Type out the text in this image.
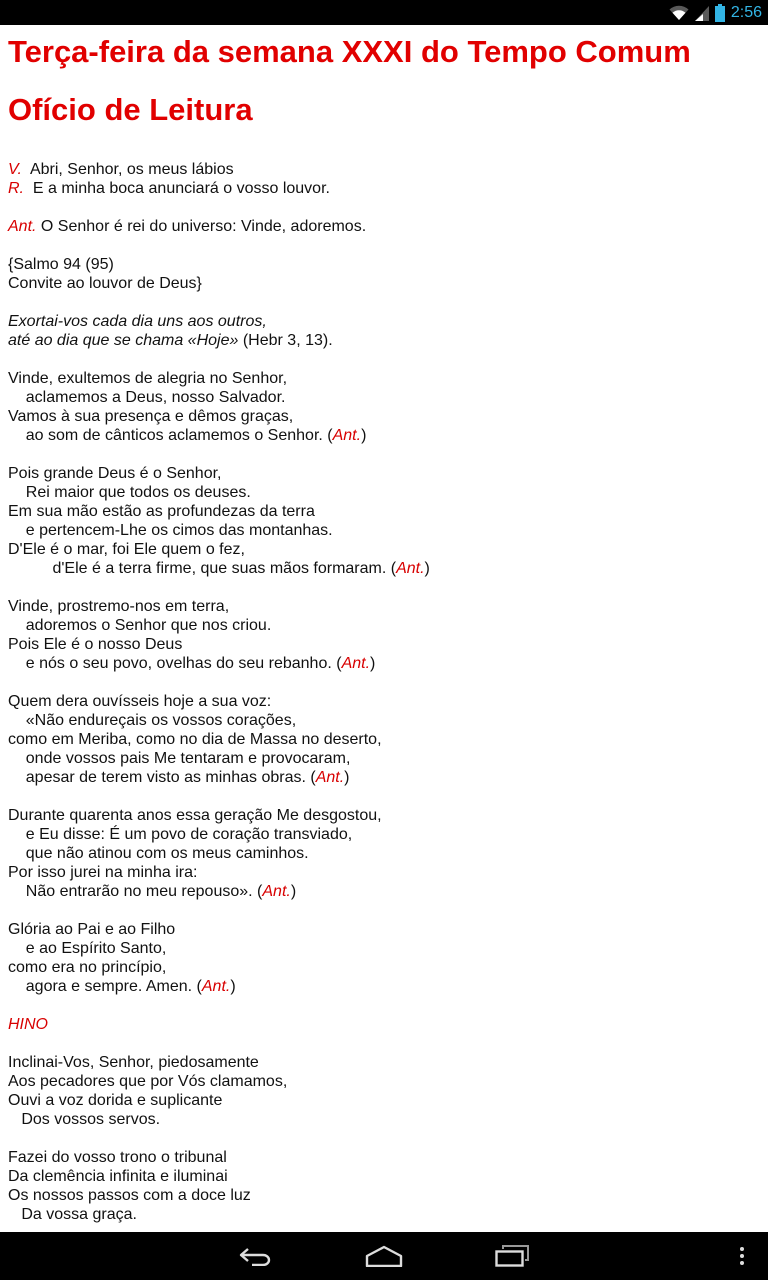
2:56
Terça-feira da semana XXXI do Tempo Comum
Ofício de Leitura
V.  Abri, Senhor, os meus lábios
R.  E a minha boca anunciará o vosso louvor.
Ant. O Senhor é rei do universo: Vinde, adoremos.
{Salmo 94 (95)
Convite ao louvor de Deus}
Exortai-vos cada dia uns aos outros,
até ao dia que se chama «Hoje» (Hebr 3, 13).
Vinde, exultemos de alegria no Senhor,
aclamemos a Deus, nosso Salvador.
Vamos à sua presença e dêmos graças,
ao som de cânticos aclamemos o Senhor. (Ant.)
Pois grande Deus é o Senhor,
Rei maior que todos os deuses.
Em sua mão estão as profundezas da terra
e pertencem-Lhe os cimos das montanhas.
D'Ele é o mar, foi Ele quem o fez,
d'Ele é a terra firme, que suas mãos formaram. (Ant.)
Vinde, prostremo-nos em terra,
adoremos o Senhor que nos criou.
Pois Ele é o nosso Deus
e nós o seu povo, ovelhas do seu rebanho. (Ant.)
Quem dera ouvísseis hoje a sua voz:
«Não endureçais os vossos corações,
como em Meriba, como no dia de Massa no deserto,
onde vossos pais Me tentaram e provocaram,
apesar de terem visto as minhas obras. (Ant.)
Durante quarenta anos essa geração Me desgostou,
e Eu disse: É um povo de coração transviado,
que não atinou com os meus caminhos.
Por isso jurei na minha ira:
Não entrarão no meu repouso». (Ant.)
Glória ao Pai e ao Filho
e ao Espírito Santo,
como era no princípio,
agora e sempre. Amen. (Ant.)
HINO
Inclinai-Vos, Senhor, piedosamente
Aos pecadores que por Vós clamamos,
Ouvi a voz dorida e suplicante
Dos vossos servos.
Fazei do vosso trono o tribunal
Da clemência infinita e iluminai
Os nossos passos com a doce luz
Da vossa graça.
